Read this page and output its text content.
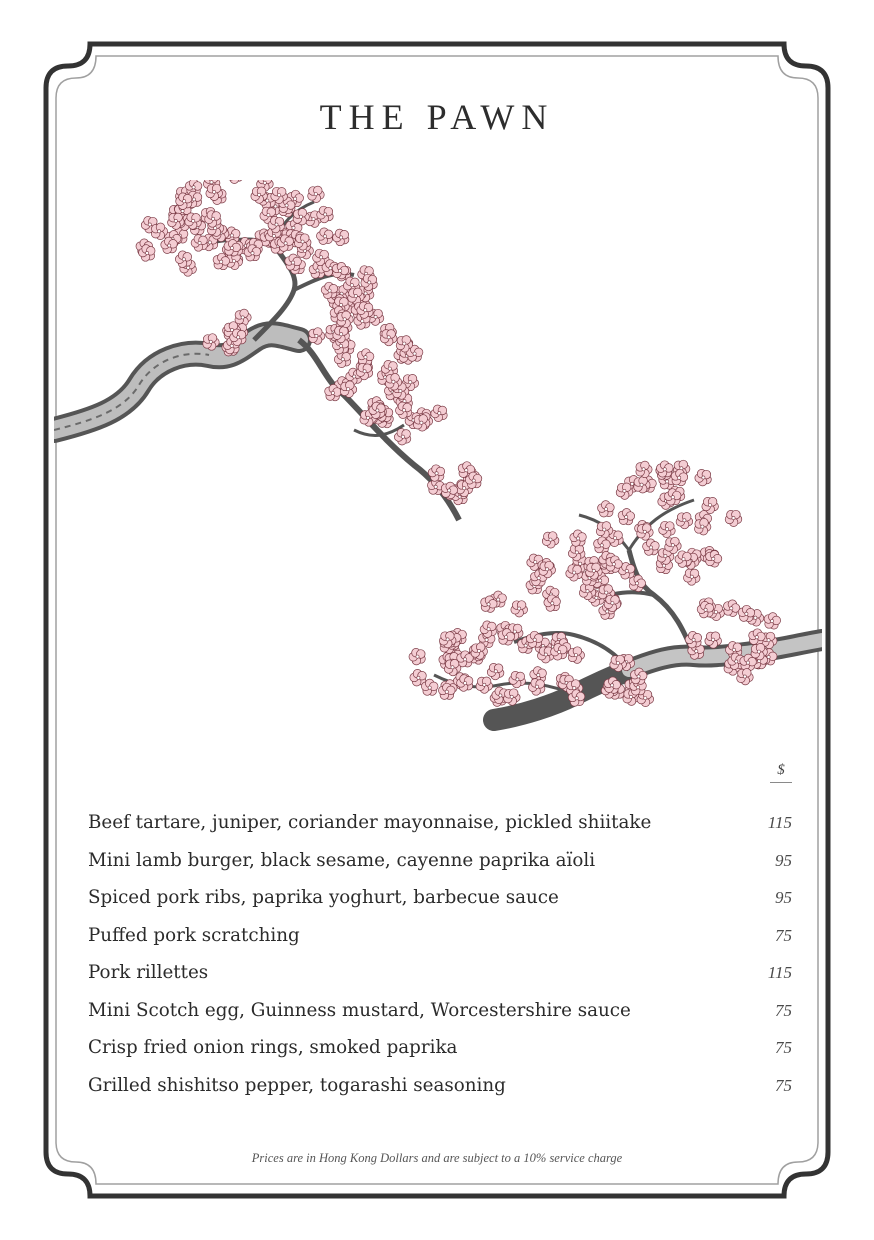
THE PAWN
$
Beef tartare, juniper, coriander mayonnaise, pickled shiitake	115
Mini lamb burger, black sesame, cayenne paprika aïoli	95
Spiced pork ribs, paprika yoghurt, barbecue sauce	95
Puffed pork scratching	75
Pork rillettes	115
Mini Scotch egg, Guinness mustard, Worcestershire sauce	75
Crisp fried onion rings, smoked paprika	75
Grilled shishitso pepper, togarashi seasoning	75
Prices are in Hong Kong Dollars and are subject to a 10% service charge
